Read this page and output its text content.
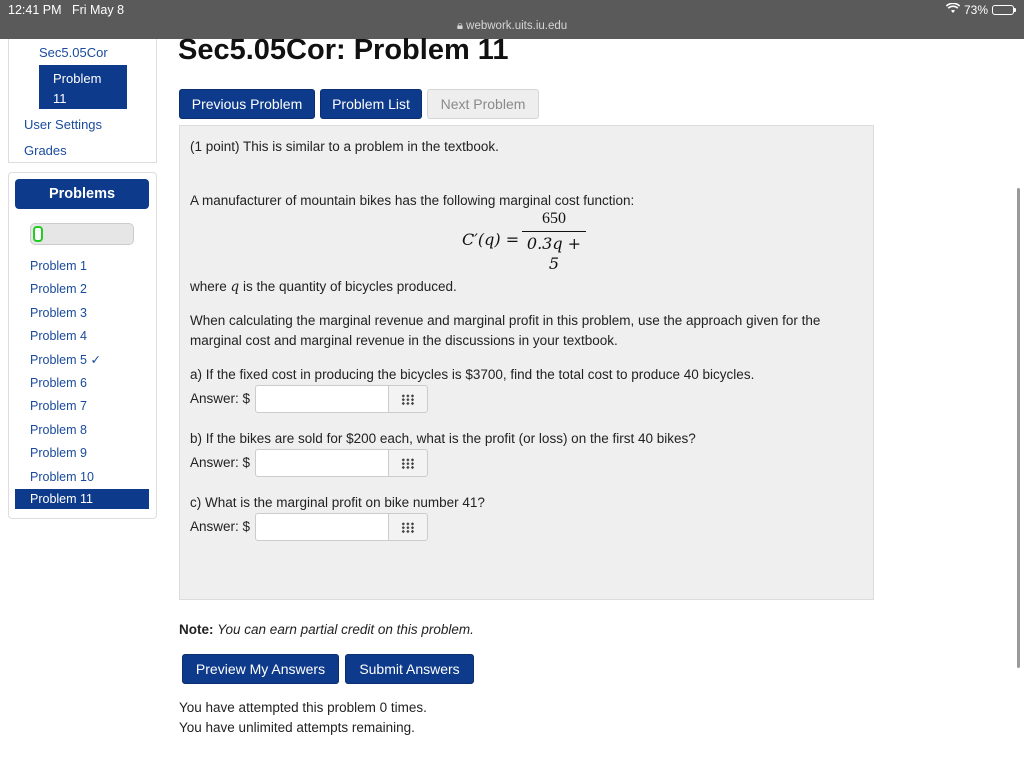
12:41 PM Fri May 8
🔒︎ webwork.uits.iu.edu
73%
Sec5.05Cor
Problem
11
User Settings
Grades
Problems
Problem 1
Problem 2
Problem 3
Problem 4
Problem 5 ✓
Problem 6
Problem 7
Problem 8
Problem 9
Problem 10
Problem 11
Sec5.05Cor: Problem 11
Previous Problem	Problem List	Next Problem
(1 point) This is similar to a problem in the textbook.
A manufacturer of mountain bikes has the following marginal cost function:
C′(q) =
650
0.3q + 5
where q is the quantity of bicycles produced.
When calculating the marginal revenue and marginal profit in this problem, use the approach given for the
marginal cost and marginal revenue in the discussions in your textbook.
a) If the fixed cost in producing the bicycles is $3700, find the total cost to produce 40 bicycles.
Answer: $
b) If the bikes are sold for $200 each, what is the profit (or loss) on the first 40 bikes?
Answer: $
c) What is the marginal profit on bike number 41?
Answer: $
Note: You can earn partial credit on this problem.
Preview My Answers	Submit Answers
You have attempted this problem 0 times.
You have unlimited attempts remaining.
